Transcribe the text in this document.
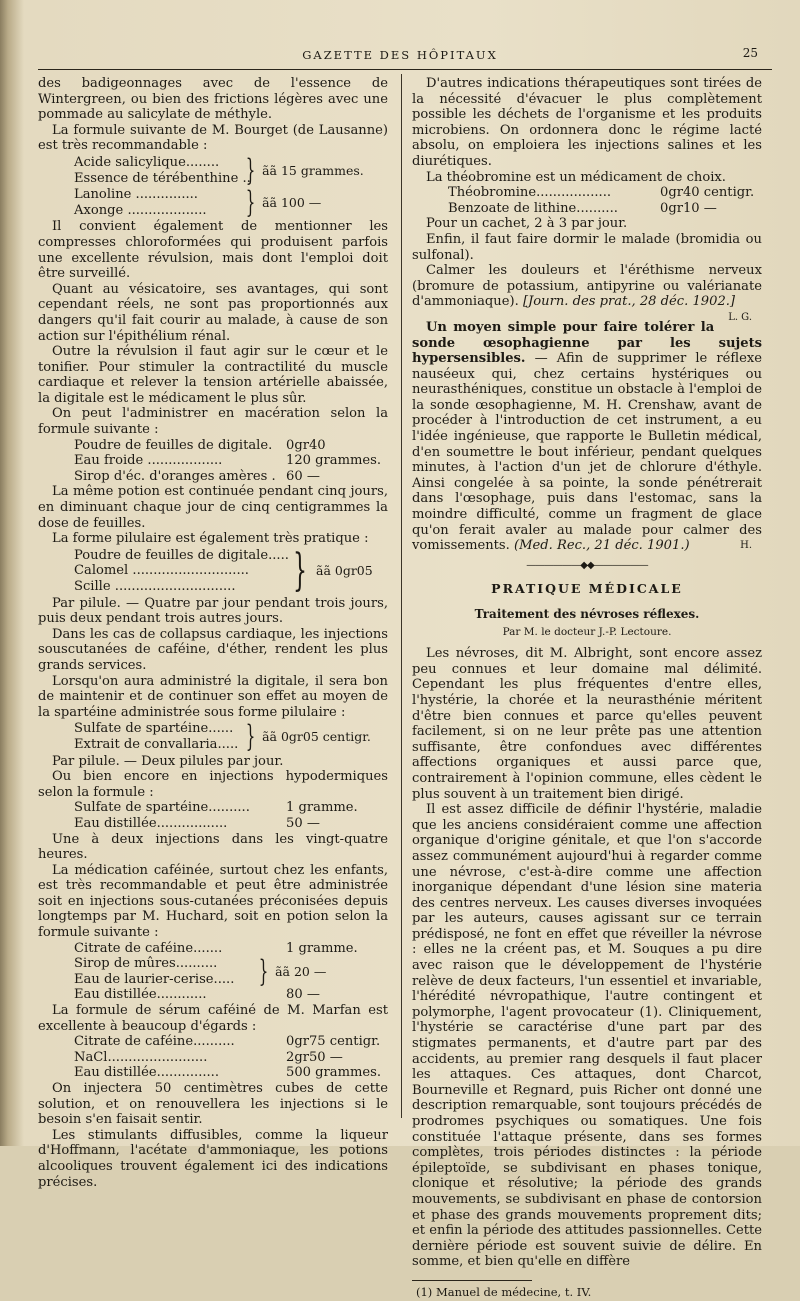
GAZETTE DES HÔPITAUX	25

des badigeonnages avec de l'essence de Wintergreen, ou bien des frictions légères avec une pommade au salicylate de méthyle.

La formule suivante de M. Bourget (de Lausanne) est très recommandable :

Acide salicylique........
Essence de térébenthine ..
} ãã 15 grammes.
Lanoline ...............
Axonge ...................	} ãã 100 —

Il convient également de mentionner les compresses chloroformées qui produisent parfois une excellente révulsion, mais dont l'emploi doit être surveillé.

Quant au vésicatoire, ses avantages, qui sont cependant réels, ne sont pas proportionnés aux dangers qu'il fait courir au malade, à cause de son action sur l'épithélium rénal.

Outre la révulsion il faut agir sur le cœur et le tonifier. Pour stimuler la contractilité du muscle cardiaque et relever la tension artérielle abaissée, la digitale est le médicament le plus sûr.

On peut l'administrer en macération selon la formule suivante :

Poudre de feuilles de digitale.	0gr40
Eau froide ..................	120 grammes.
Sirop d'éc. d'oranges amères . 60 —

La même potion est continuée pendant cinq jours, en diminuant chaque jour de cinq centigrammes la dose de feuilles.

La forme pilulaire est également très pratique :

Poudre de feuilles de digitale.....
Calomel ............................
Scille .............................	} ãã 0gr05

Par pilule. — Quatre par jour pendant trois jours, puis deux pendant trois autres jours.

Dans les cas de collapsus cardiaque, les injections souscutanées de caféine, d'éther, rendent les plus grands services.

Lorsqu'on aura administré la digitale, il sera bon de maintenir et de continuer son effet au moyen de la spartéine administrée sous forme pilulaire :

Sulfate de spartéine......
Extrait de convallaria..... } ãã 0gr05 centigr.

Par pilule. — Deux pilules par jour.

Ou bien encore en injections hypodermiques selon la formule :

Sulfate de spartéine..........	1 gramme.
Eau distillée.................	50 —

Une à deux injections dans les vingt-quatre heures.

La médication caféinée, surtout chez les enfants, est très recommandable et peut être administrée soit en injections sous-cutanées préconisées depuis longtemps par M. Huchard, soit en potion selon la formule suivante :

Citrate de caféine.......	1 gramme.
Sirop de mûres..........
Eau de laurier-cerise..... } ãã 20 —
Eau distillée............	80 —

La formule de sérum caféiné de M. Marfan est excellente à beaucoup d'égards :

Citrate de caféine..........	0gr75 centigr.
NaCl........................	2gr50 —
Eau distillée...............	500 grammes.

On injectera 50 centimètres cubes de cette solution, et on renouvellera les injections si le besoin s'en faisait sentir.

Les stimulants diffusibles, comme la liqueur d'Hoffmann, l'acétate d'ammoniaque, les potions alcooliques trouvent également ici des indications précises.

D'autres indications thérapeutiques sont tirées de la nécessité d'évacuer le plus complètement possible les déchets de l'organisme et les produits microbiens. On ordonnera donc le régime lacté absolu, on emploiera les injections salines et les diurétiques.

La théobromine est un médicament de choix.

Théobromine..................	0gr40 centigr.
Benzoate de lithine..........	0gr10 —

Pour un cachet, 2 à 3 par jour.

Enfin, il faut faire dormir le malade (bromidia ou sulfonal).

Calmer les douleurs et l'éréthisme nerveux (bromure de potassium, antipyrine ou valérianate d'ammoniaque). [Journ. des prat., 28 déc. 1902.]
L. G.

Un moyen simple pour faire tolérer la sonde œsophagienne par les sujets hypersensibles. — Afin de supprimer le réflexe nauséeux qui, chez certains hystériques ou neurasthéniques, constitue un obstacle à l'emploi de la sonde œsophagienne, M. H. Crenshaw, avant de procéder à l'introduction de cet instrument, a eu l'idée ingénieuse, que rapporte le Bulletin médical, d'en soumettre le bout inférieur, pendant quelques minutes, à l'action d'un jet de chlorure d'éthyle. Ainsi congelée à sa pointe, la sonde pénétrerait dans l'œsophage, puis dans l'estomac, sans la moindre difficulté, comme un fragment de glace qu'on ferait avaler au malade pour calmer des vomissements. (Med. Rec., 21 déc. 1901.)	H.

——————◆◆——————
PRATIQUE MÉDICALE
Traitement des névroses réflexes.
Par M. le docteur J.-P. Lectoure.

Les névroses, dit M. Albright, sont encore assez peu connues et leur domaine mal délimité. Cependant les plus fréquentes d'entre elles, l'hystérie, la chorée et la neurasthénie méritent d'être bien connues et parce qu'elles peuvent facilement, si on ne leur prête pas une attention suffisante, être confondues avec différentes affections organiques et aussi parce que, contrairement à l'opinion commune, elles cèdent le plus souvent à un traitement bien dirigé.

Il est assez difficile de définir l'hystérie, maladie que les anciens considéraient comme une affection organique d'origine génitale, et que l'on s'accorde assez communément aujourd'hui à regarder comme une névrose, c'est-à-dire comme une affection inorganique dépendant d'une lésion sine materia des centres nerveux. Les causes diverses invoquées par les auteurs, causes agissant sur ce terrain prédisposé, ne font en effet que réveiller la névrose : elles ne la créent pas, et M. Souques a pu dire avec raison que le développement de l'hystérie relève de deux facteurs, l'un essentiel et invariable, l'hérédité névropathique, l'autre contingent et polymorphe, l'agent provocateur (1). Cliniquement, l'hystérie se caractérise d'une part par des stigmates permanents, et d'autre part par des accidents, au premier rang desquels il faut placer les attaques. Ces attaques, dont Charcot, Bourneville et Regnard, puis Richer ont donné une description remarquable, sont toujours précédés de prodromes psychiques ou somatiques. Une fois constituée l'attaque présente, dans ses formes complètes, trois périodes distinctes : la période épileptoïde, se subdivisant en phases tonique, clonique et résolutive; la période des grands mouvements, se subdivisant en phase de contorsion et phase des grands mouvements proprement dits; et enfin la période des attitudes passionnelles. Cette dernière période est souvent suivie de délire. En somme, et bien qu'elle en diffère

(1) Manuel de médecine, t. IV.
